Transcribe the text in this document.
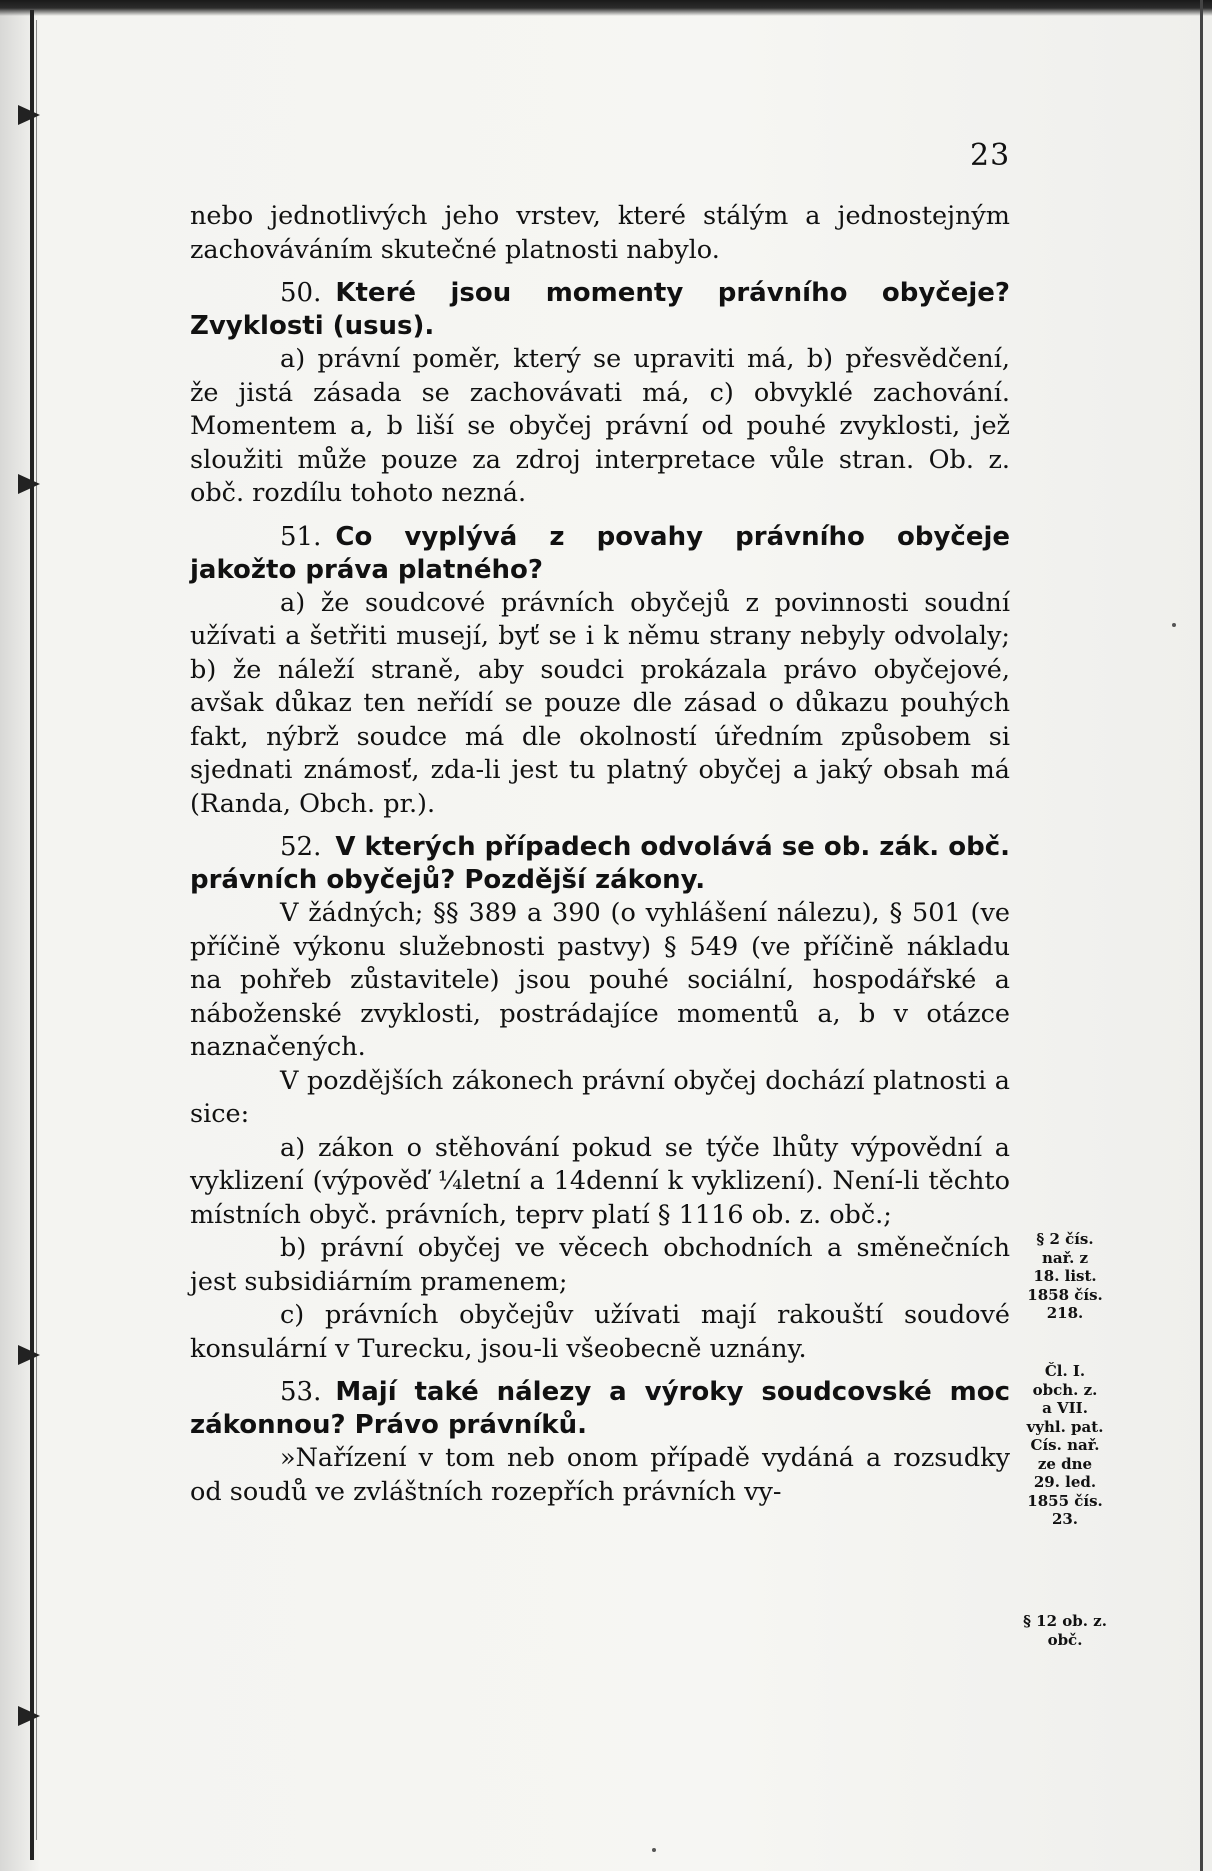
23

nebo jednotlivých jeho vrstev, které stálým a jednostejným zachováváním skutečné platnosti nabylo.

50. Které jsou momenty právního obyčeje? Zvyklosti (usus).

a) právní poměr, který se upraviti má, b) přesvědčení, že jistá zásada se zachovávati má, c) obvyklé zachování. Momentem a, b liší se obyčej právní od pouhé zvyklosti, jež sloužiti může pouze za zdroj interpretace vůle stran. Ob. z. obč. rozdílu tohoto nezná.

51. Co vyplývá z povahy právního obyčeje jakožto práva platného?

a) že soudcové právních obyčejů z povinnosti soudní užívati a šetřiti musejí, byť se i k němu strany nebyly odvolaly; b) že náleží straně, aby soudci prokázala právo obyčejové, avšak důkaz ten neřídí se pouze dle zásad o důkazu pouhých fakt, nýbrž soudce má dle okolností úředním způsobem si sjednati známosť, zda-li jest tu platný obyčej a jaký obsah má (Randa, Obch. pr.).

52. V kterých případech odvolává se ob. zák. obč. právních obyčejů? Pozdější zákony.

V žádných; §§ 389 a 390 (o vyhlášení nálezu), § 501 (ve příčině výkonu služebnosti pastvy) § 549 (ve příčině nákladu na pohřeb zůstavitele) jsou pouhé sociální, hospodářské a náboženské zvyklosti, postrádajíce momentů a, b v otázce naznačených.

V pozdějších zákonech právní obyčej dochází platnosti a sice:

a) zákon o stěhování pokud se týče lhůty výpovědní a vyklizení (výpověď ¼letní a 14denní k vyklizení). Není-li těchto místních obyč. právních, teprv platí § 1116 ob. z. obč.;

b) právní obyčej ve věcech obchodních a směnečních jest subsidiárním pramenem;

c) právních obyčejův užívati mají rakouští soudové konsulární v Turecku, jsou-li všeobecně uznány.

53. Mají také nálezy a výroky soudcovské moc zákonnou? Právo právníků.

»Nařízení v tom neb onom případě vydáná a rozsudky od soudů ve zvláštních rozepřích právních vy-

§ 2 čís.
nař. z
18. list.
1858 čís.
218.
Čl. I.
obch. z.
a VII.
vyhl. pat.
Cís. nař.
ze dne
29. led.
1855 čís.
23.
§ 12 ob. z.
obč.
